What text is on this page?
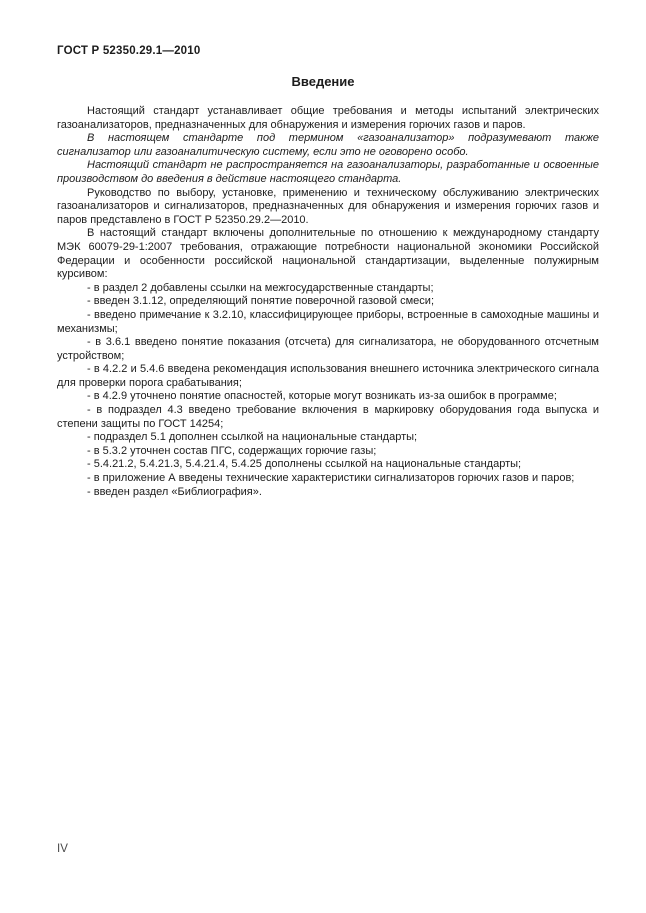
ГОСТ Р 52350.29.1—2010
Введение

Настоящий стандарт устанавливает общие требования и методы испытаний электрических газоанализаторов, предназначенных для обнаружения и измерения горючих газов и паров.

В настоящем стандарте под термином «газоанализатор» подразумевают также сигнализатор или газоаналитическую систему, если это не оговорено особо.

Настоящий стандарт не распространяется на газоанализаторы, разработанные и освоенные производством до введения в действие настоящего стандарта.

Руководство по выбору, установке, применению и техническому обслуживанию электрических газоанализаторов и сигнализаторов, предназначенных для обнаружения и измерения горючих газов и паров представлено в ГОСТ Р 52350.29.2—2010.

В настоящий стандарт включены дополнительные по отношению к международному стандарту МЭК 60079-29-1:2007 требования, отражающие потребности национальной экономики Российской Федерации и особенности российской национальной стандартизации, выделенные полужирным курсивом:

- в раздел 2 добавлены ссылки на межгосударственные стандарты;

- введен 3.1.12, определяющий понятие поверочной газовой смеси;

- введено примечание к 3.2.10, классифицирующее приборы, встроенные в самоходные машины и механизмы;

- в 3.6.1 введено понятие показания (отсчета) для сигнализатора, не оборудованного отсчетным устройством;

- в 4.2.2 и 5.4.6 введена рекомендация использования внешнего источника электрического сигнала для проверки порога срабатывания;

- в 4.2.9 уточнено понятие опасностей, которые могут возникать из-за ошибок в программе;

- в подраздел 4.3 введено требование включения в маркировку оборудования года выпуска и степени защиты по ГОСТ 14254;

- подраздел 5.1 дополнен ссылкой на национальные стандарты;

- в 5.3.2 уточнен состав ПГС, содержащих горючие газы;

- 5.4.21.2, 5.4.21.3, 5.4.21.4, 5.4.25 дополнены ссылкой на национальные стандарты;

- в приложение А введены технические характеристики сигнализаторов горючих газов и паров;

- введен раздел «Библиография».

IV
